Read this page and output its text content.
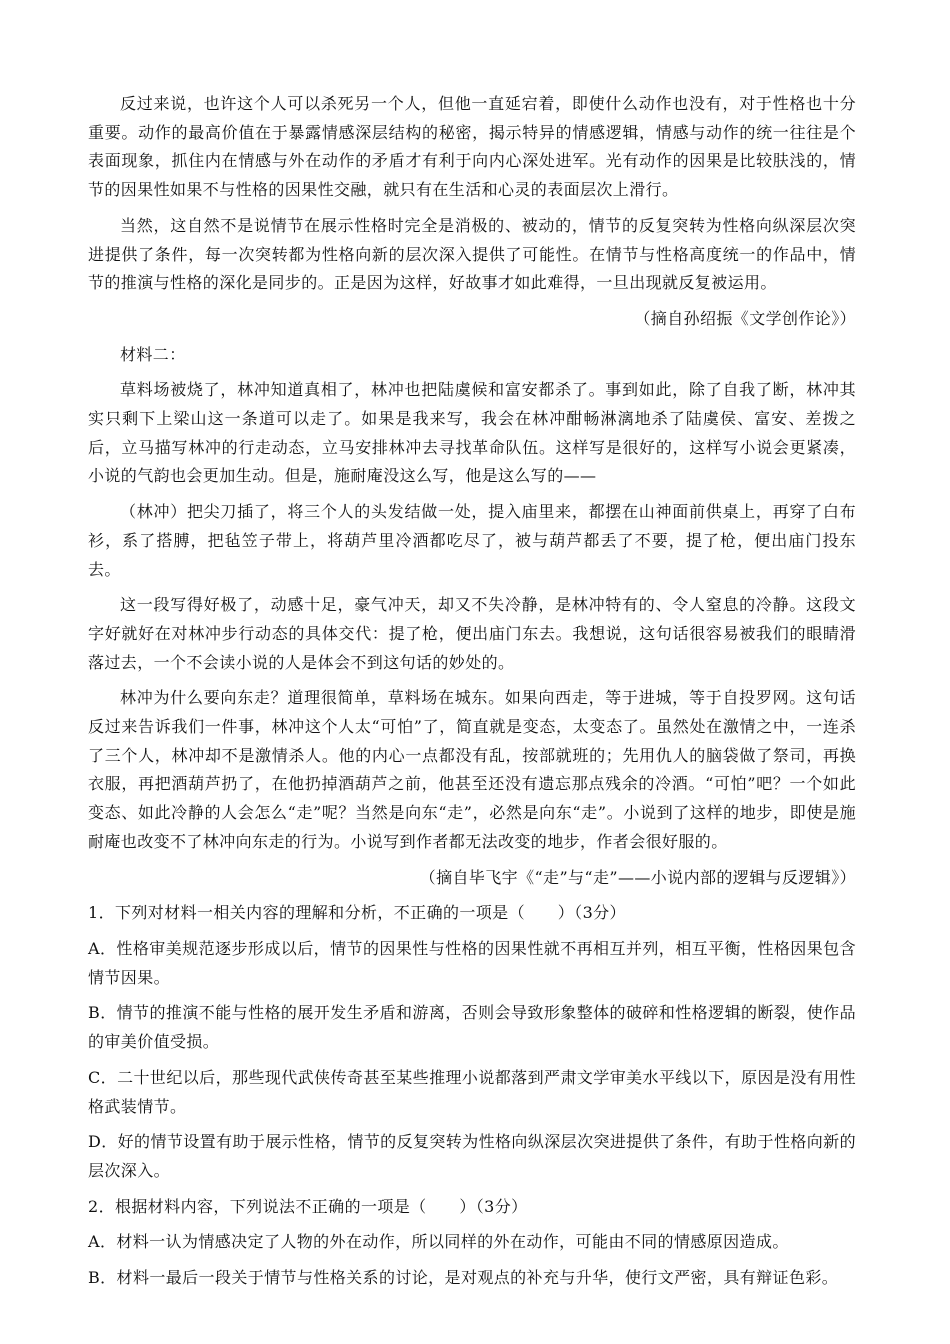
反过来说，也许这个人可以杀死另一个人，但他一直延宕着，即使什么动作也没有，对于性格也十分重要。动作的最高价值在于暴露情感深层结构的秘密，揭示特异的情感逻辑，情感与动作的统一往往是个表面现象，抓住内在情感与外在动作的矛盾才有利于向内心深处进军。光有动作的因果是比较肤浅的，情节的因果性如果不与性格的因果性交融，就只有在生活和心灵的表面层次上滑行。

当然，这自然不是说情节在展示性格时完全是消极的、被动的，情节的反复突转为性格向纵深层次突进提供了条件，每一次突转都为性格向新的层次深入提供了可能性。在情节与性格高度统一的作品中，情节的推演与性格的深化是同步的。正是因为这样，好故事才如此难得，一旦出现就反复被运用。

（摘自孙绍振《文学创作论》）

材料二：

草料场被烧了，林冲知道真相了，林冲也把陆虞候和富安都杀了。事到如此，除了自我了断，林冲其实只剩下上梁山这一条道可以走了。如果是我来写，我会在林冲酣畅淋漓地杀了陆虞侯、富安、差拨之后，立马描写林冲的行走动态，立马安排林冲去寻找革命队伍。这样写是很好的，这样写小说会更紧凑，小说的气韵也会更加生动。但是，施耐庵没这么写，他是这么写的——

（林冲）把尖刀插了，将三个人的头发结做一处，提入庙里来，都摆在山神面前供桌上，再穿了白布衫，系了搭膊，把毡笠子带上，将葫芦里冷酒都吃尽了，被与葫芦都丢了不要，提了枪，便出庙门投东去。

这一段写得好极了，动感十足，豪气冲天，却又不失冷静，是林冲特有的、令人窒息的冷静。这段文字好就好在对林冲步行动态的具体交代：提了枪，便出庙门东去。我想说，这句话很容易被我们的眼睛滑落过去，一个不会读小说的人是体会不到这句话的妙处的。

林冲为什么要向东走？道理很简单，草料场在城东。如果向西走，等于进城，等于自投罗网。这句话反过来告诉我们一件事，林冲这个人太“可怕”了，简直就是变态，太变态了。虽然处在激情之中，一连杀了三个人，林冲却不是激情杀人。他的内心一点都没有乱，按部就班的；先用仇人的脑袋做了祭司，再换衣服，再把酒葫芦扔了，在他扔掉酒葫芦之前，他甚至还没有遗忘那点残余的冷酒。“可怕”吧？一个如此变态、如此冷静的人会怎么“走”呢？当然是向东“走”，必然是向东“走”。小说到了这样的地步，即使是施耐庵也改变不了林冲向东走的行为。小说写到作者都无法改变的地步，作者会很好服的。

（摘自毕飞宇《“走”与“走”——小说内部的逻辑与反逻辑》）

1．下列对材料一相关内容的理解和分析，不正确的一项是（　　）（3分）

A．性格审美规范逐步形成以后，情节的因果性与性格的因果性就不再相互并列，相互平衡，性格因果包含情节因果。

B．情节的推演不能与性格的展开发生矛盾和游离，否则会导致形象整体的破碎和性格逻辑的断裂，使作品的审美价值受损。

C．二十世纪以后，那些现代武侠传奇甚至某些推理小说都落到严肃文学审美水平线以下，原因是没有用性格武装情节。

D．好的情节设置有助于展示性格，情节的反复突转为性格向纵深层次突进提供了条件，有助于性格向新的层次深入。

2．根据材料内容，下列说法不正确的一项是（　　）（3分）

A．材料一认为情感决定了人物的外在动作，所以同样的外在动作，可能由不同的情感原因造成。

B．材料一最后一段关于情节与性格关系的讨论，是对观点的补充与升华，使行文严密，具有辩证色彩。
